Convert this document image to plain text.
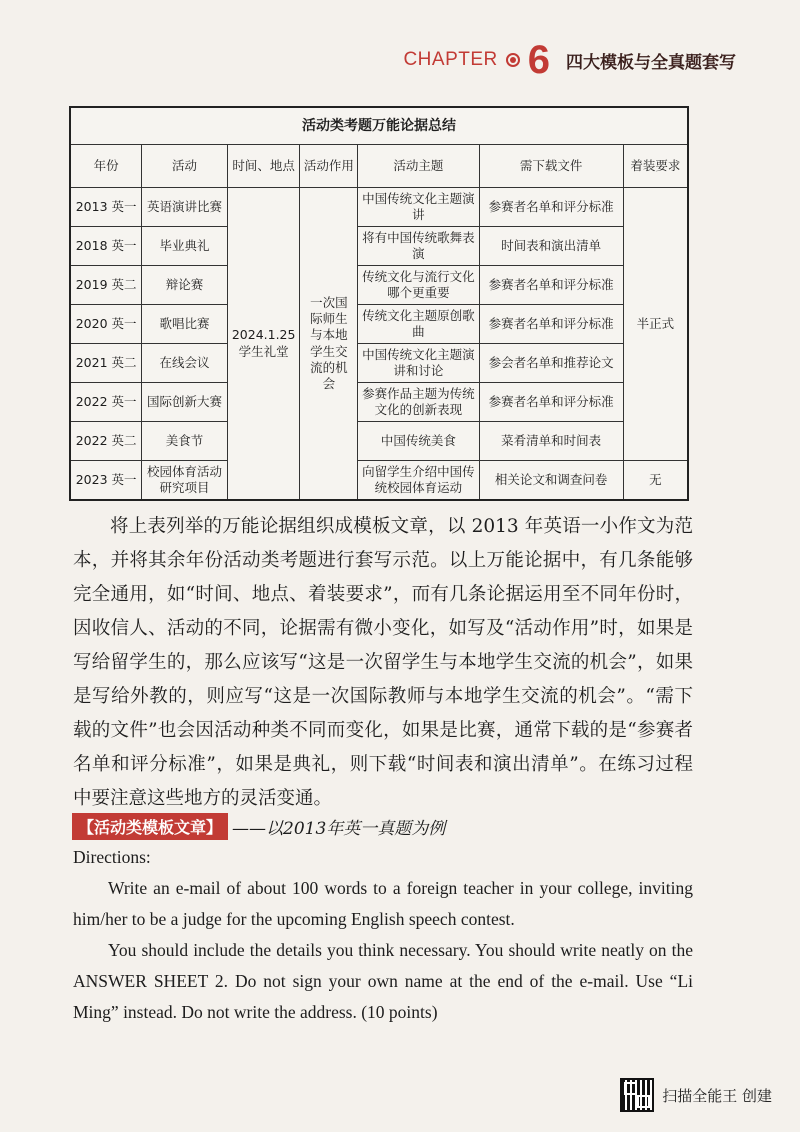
CHAPTER 6 四大模板与全真题套写
活动类考题万能论据总结						
年份	活动	时间、地点	活动作用	活动主题	需下载文件	着装要求
2013 英一	英语演讲比赛	2024.1.25 学生礼堂	一次国际师生与本地学生交流的机会	中国传统文化主题演讲	参赛者名单和评分标准	半正式
2018 英一	毕业典礼			将有中国传统歌舞表演	时间表和演出清单	
2019 英二	辩论赛			传统文化与流行文化哪个更重要	参赛者名单和评分标准	
2020 英一	歌唱比赛			传统文化主题原创歌曲	参赛者名单和评分标准	
2021 英二	在线会议			中国传统文化主题演讲和讨论	参会者名单和推荐论文	
2022 英一	国际创新大赛			参赛作品主题为传统文化的创新表现	参赛者名单和评分标准	
2022 英二	美食节			中国传统美食	菜肴清单和时间表	
2023 英一	校园体育活动研究项目			向留学生介绍中国传统校园体育运动	相关论文和调查问卷	无

将上表列举的万能论据组织成模板文章，以 2013 年英语一小作文为范本，并将其余年份活动类考题进行套写示范。以上万能论据中，有几条能够完全通用，如“时间、地点、着装要求”，而有几条论据运用至不同年份时，因收信人、活动的不同，论据需有微小变化，如写及“活动作用”时，如果是写给留学生的，那么应该写“这是一次留学生与本地学生交流的机会”，如果是写给外教的，则应写“这是一次国际教师与本地学生交流的机会”。“需下载的文件”也会因活动种类不同而变化，如果是比赛，通常下载的是“参赛者名单和评分标准”，如果是典礼，则下载“时间表和演出清单”。在练习过程中要注意这些地方的灵活变通。

【活动类模板文章】 ——以2013年英一真题为例

Directions:

Write an e-mail of about 100 words to a foreign teacher in your college, inviting him/her to be a judge for the upcoming English speech contest.

You should include the details you think necessary. You should write neatly on the ANSWER SHEET 2. Do not sign your own name at the end of the e-mail. Use “Li Ming” instead. Do not write the address. (10 points)

扫描全能王 创建
